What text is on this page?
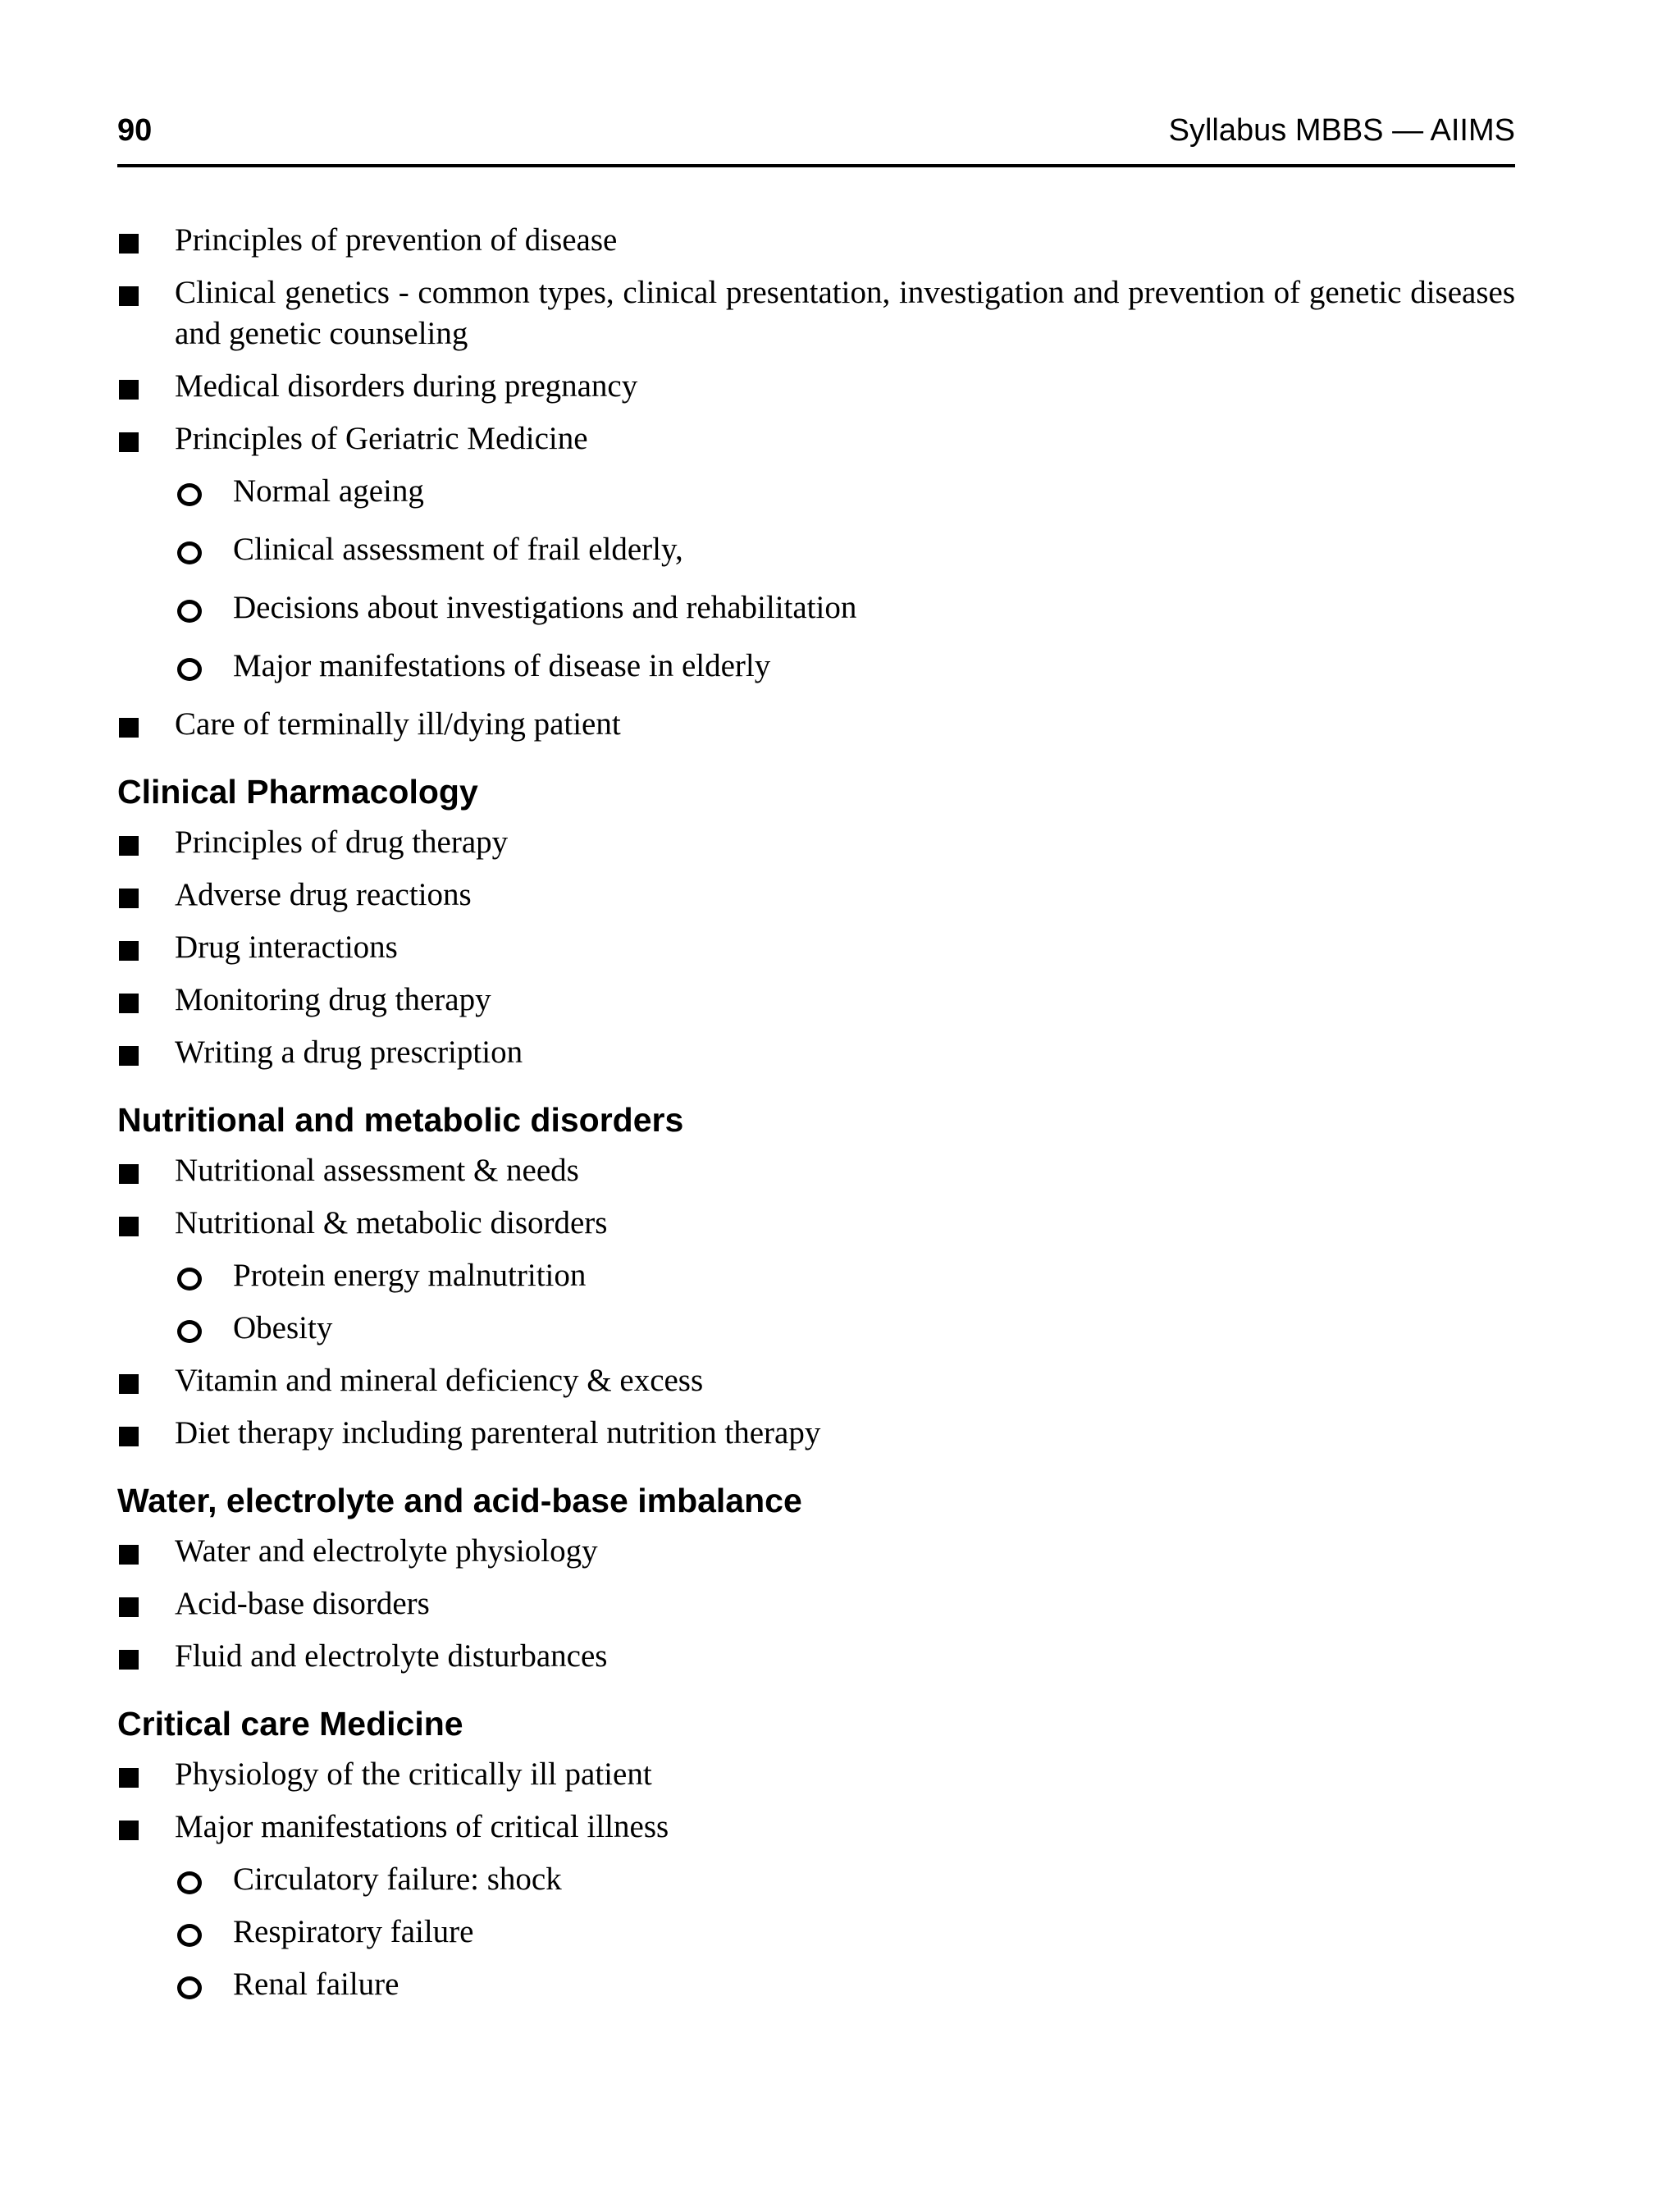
90	Syllabus MBBS — AIIMS
Principles of prevention of disease
Clinical genetics - common types, clinical presentation, investigation and prevention of genetic diseases and genetic counseling
Medical disorders during pregnancy
Principles of Geriatric Medicine
Normal ageing
Clinical assessment of frail elderly,
Decisions about investigations and rehabilitation
Major manifestations of disease in elderly
Care of terminally ill/dying patient
Clinical Pharmacology
Principles of drug therapy
Adverse drug reactions
Drug interactions
Monitoring drug therapy
Writing a drug prescription
Nutritional and metabolic disorders
Nutritional assessment & needs
Nutritional & metabolic disorders
Protein energy malnutrition
Obesity
Vitamin and mineral deficiency & excess
Diet therapy including parenteral nutrition therapy
Water, electrolyte and acid-base imbalance
Water and electrolyte physiology
Acid-base disorders
Fluid and electrolyte disturbances
Critical care Medicine
Physiology of the critically ill patient
Major manifestations of critical illness
Circulatory failure: shock
Respiratory failure
Renal failure
